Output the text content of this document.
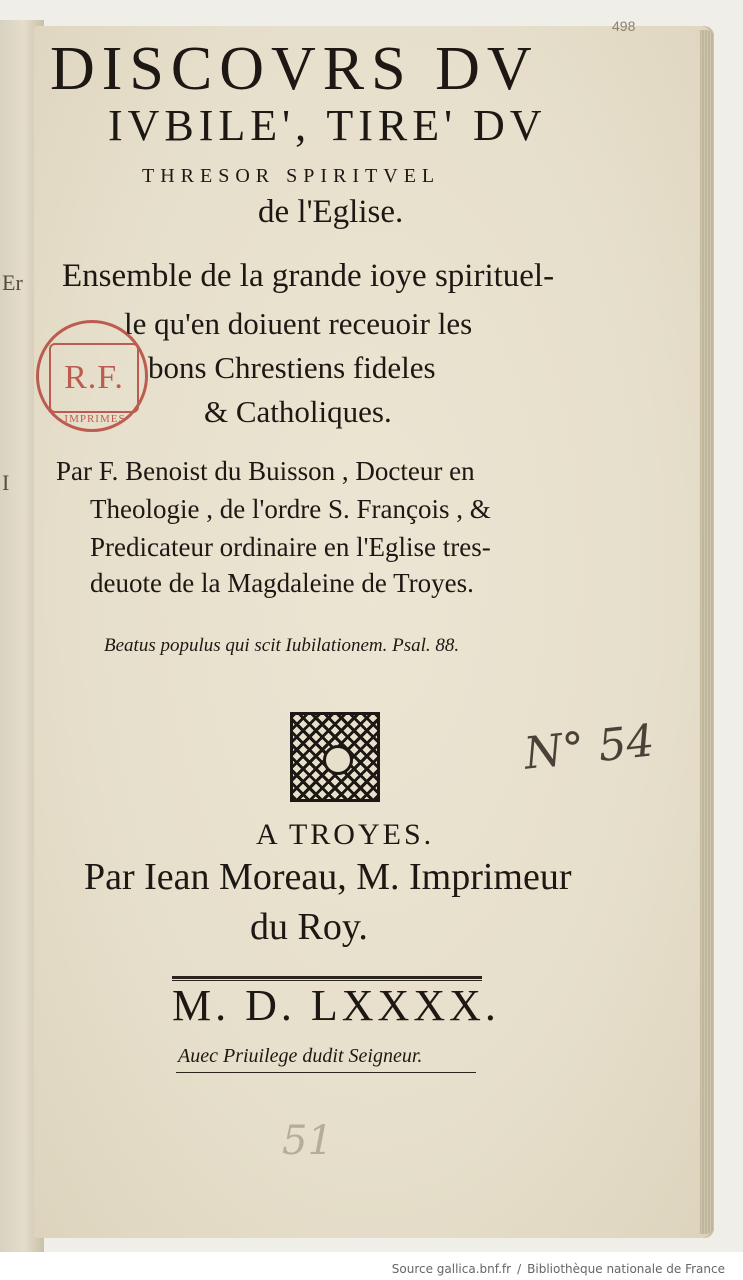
Er
I
498
DISCOVRS DV
IVBILE', TIRE' DV
THRESOR SPIRITVEL
de l'Eglise.
Ensemble de la grande ioye spirituel-
le qu'en doiuent receuoir les
bons Chrestiens fideles
& Catholiques.
R.F.
IMPRIMES
Par F. Benoist du Buisson , Docteur en
Theologie , de l'ordre S. François , &
Predicateur ordinaire en l'Eglise tres-
deuote de la Magdaleine de Troyes.
Beatus populus qui scit Iubilationem. Psal. 88.
N° 54
A TROYES.
Par Iean Moreau, M. Imprimeur
du Roy.
M. D. LXXXX.
Auec Priuilege dudit Seigneur.
51
Source gallica.bnf.fr / Bibliothèque nationale de France
